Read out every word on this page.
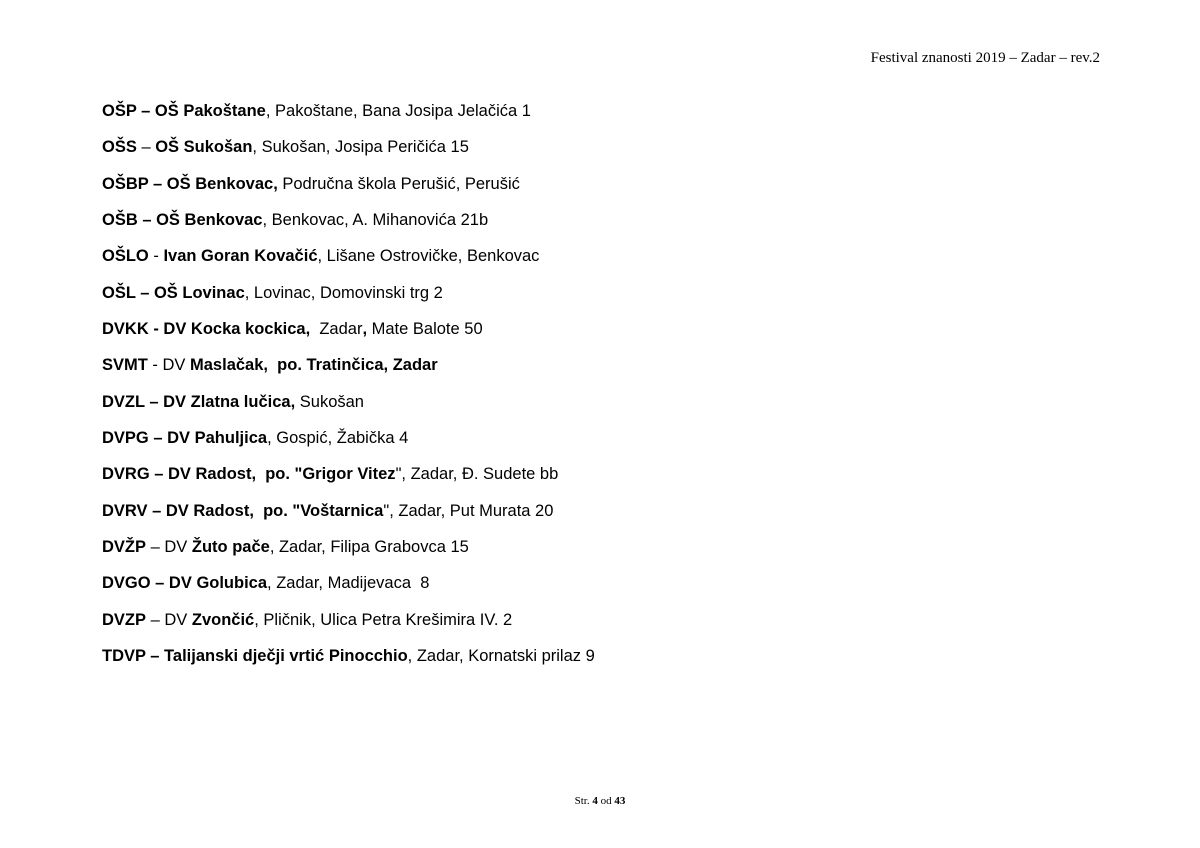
Festival znanosti 2019 – Zadar – rev.2
OŠP – OŠ Pakoštane, Pakoštane, Bana Josipa Jelačića 1
OŠS – OŠ Sukošan, Sukošan, Josipa Peričića 15
OŠBP – OŠ Benkovac, Područna škola Perušić, Perušić
OŠB – OŠ Benkovac, Benkovac, A. Mihanovića 21b
OŠLO - Ivan Goran Kovačić, Lišane Ostrovičke, Benkovac
OŠL – OŠ Lovinac, Lovinac, Domovinski trg 2
DVKK - DV Kocka kockica,  Zadar, Mate Balote 50
SVMT - DV Maslačak,  po. Tratinčica, Zadar
DVZL – DV Zlatna lučica, Sukošan
DVPG – DV Pahuljica, Gospić, Žabička 4
DVRG – DV Radost,  po. "Grigor Vitez", Zadar, Đ. Sudete bb
DVRV – DV Radost,  po. "Voštarnica", Zadar, Put Murata 20
DVŽP – DV Žuto pače, Zadar, Filipa Grabovca 15
DVGO – DV Golubica, Zadar, Madijevaca  8
DVZP – DV Zvončić, Pličnik, Ulica Petra Krešimira IV. 2
TDVP – Talijanski dječji vrtić Pinocchio, Zadar, Kornatski prilaz 9
Str. 4 od 43
